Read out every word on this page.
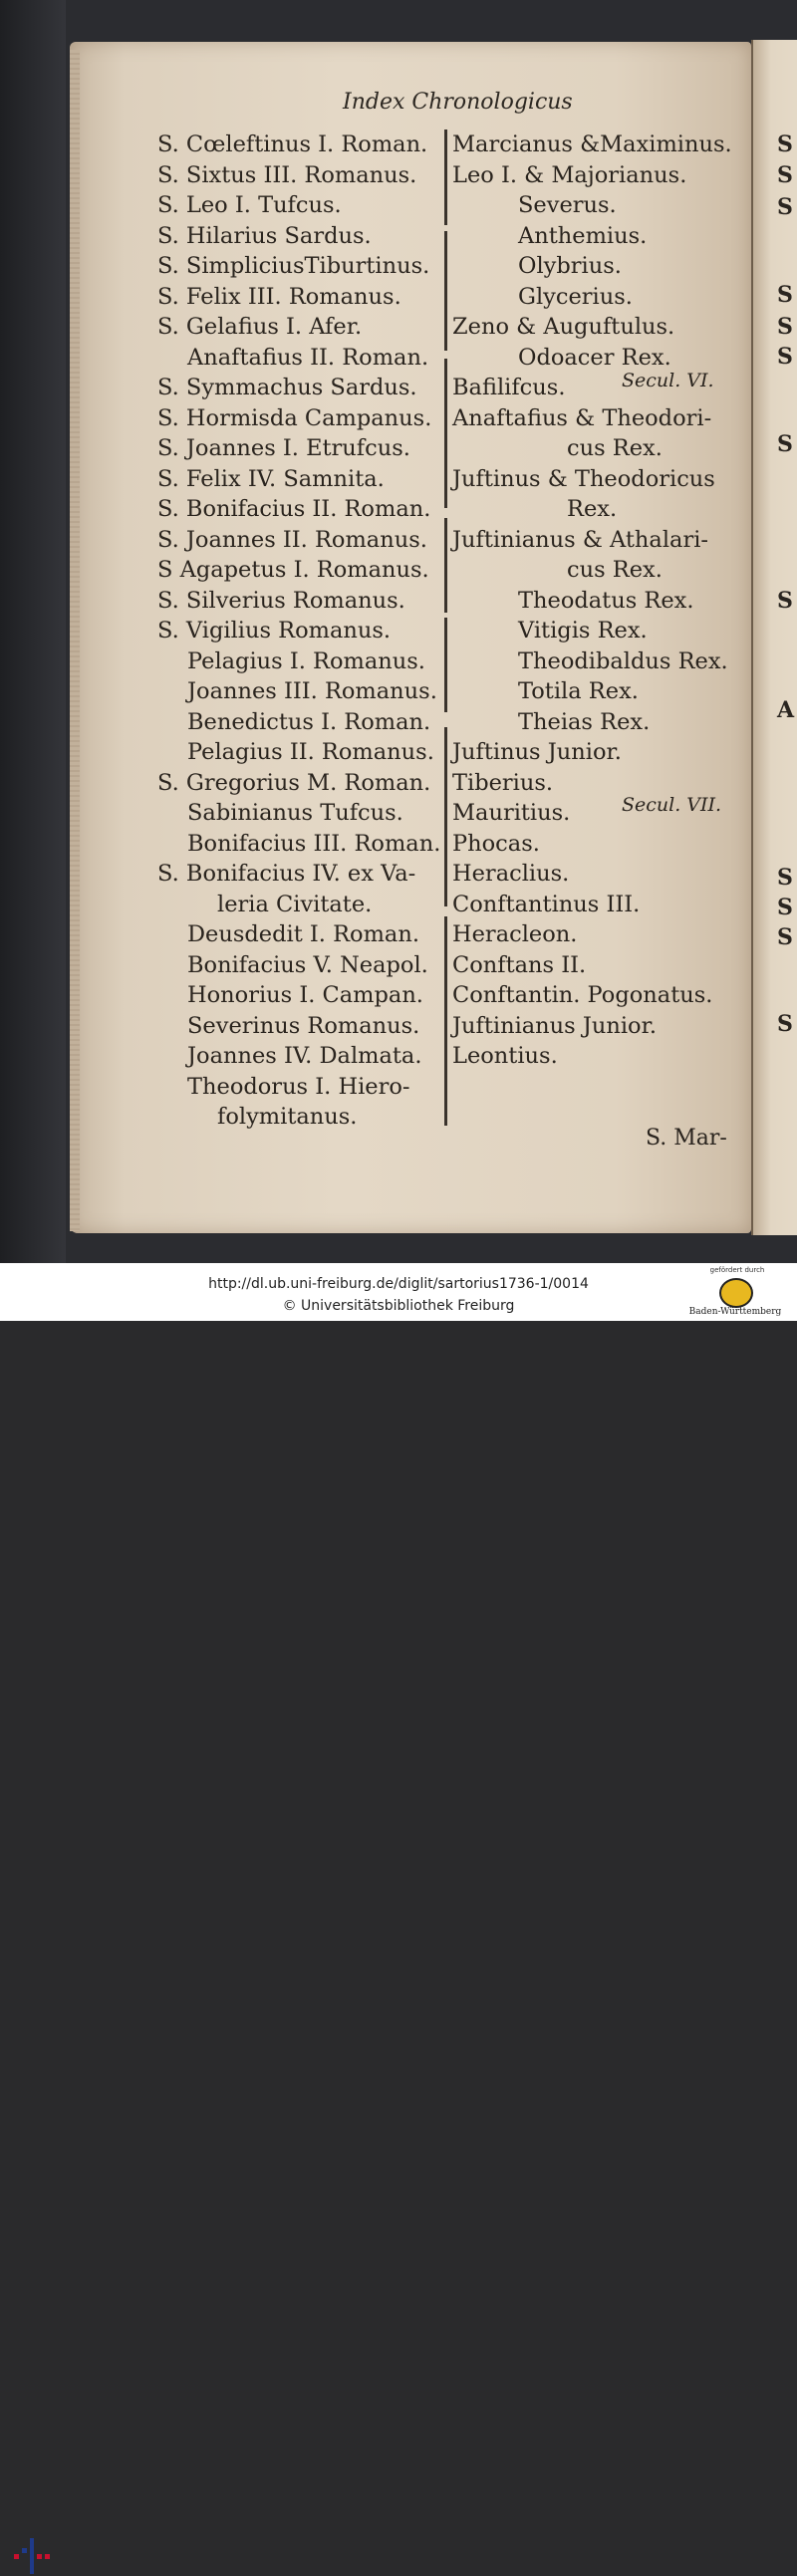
S
S
S
S
S
S
S
S
A
S
S
S
S
Index Chronologicus
S. Cœleftinus I. Roman.
S. Sixtus III. Romanus.
S. Leo I. Tufcus.
S. Hilarius Sardus.
S. SimpliciusTiburtinus.
S. Felix III. Romanus.
S. Gelafius I. Afer.
Anaftafius II. Roman.
S. Symmachus Sardus.
S. Hormisda Campanus.
S. Joannes I. Etrufcus.
S. Felix IV. Samnita.
S. Bonifacius II. Roman.
S. Joannes II. Romanus.
S Agapetus I. Romanus.
S. Silverius Romanus.
S. Vigilius Romanus.
Pelagius I. Romanus.
Joannes III. Romanus.
Benedictus I. Roman.
Pelagius II. Romanus.
S. Gregorius M. Roman.
Sabinianus Tufcus.
Bonifacius III. Roman.
S. Bonifacius IV. ex Va-
leria Civitate.
Deusdedit I. Roman.
Bonifacius V. Neapol.
Honorius I. Campan.
Severinus Romanus.
Joannes IV. Dalmata.
Theodorus I. Hiero-
folymitanus.
Marcianus &Maximinus.
Leo I. & Majorianus.
Severus.
Anthemius.
Olybrius.
Glycerius.
Zeno & Auguftulus.
Odoacer Rex.
Bafilifcus.
Anaftafius & Theodori-
cus Rex.
Juftinus & Theodoricus
Rex.
Juftinianus & Athalari-
cus Rex.
Theodatus Rex.
Vitigis Rex.
Theodibaldus Rex.
Totila Rex.
Theias Rex.
Juftinus Junior.
Tiberius.
Mauritius.
Phocas.
Heraclius.
Conftantinus III.
Heracleon.
Conftans II.
Conftantin. Pogonatus.
Juftinianus Junior.
Leontius.
Secul. VI.
Secul. VII.
S. Mar-
http://dl.ub.uni-freiburg.de/diglit/sartorius1736-1/0014
© Universitätsbibliothek Freiburg
gefördert durch
Baden-Württemberg
